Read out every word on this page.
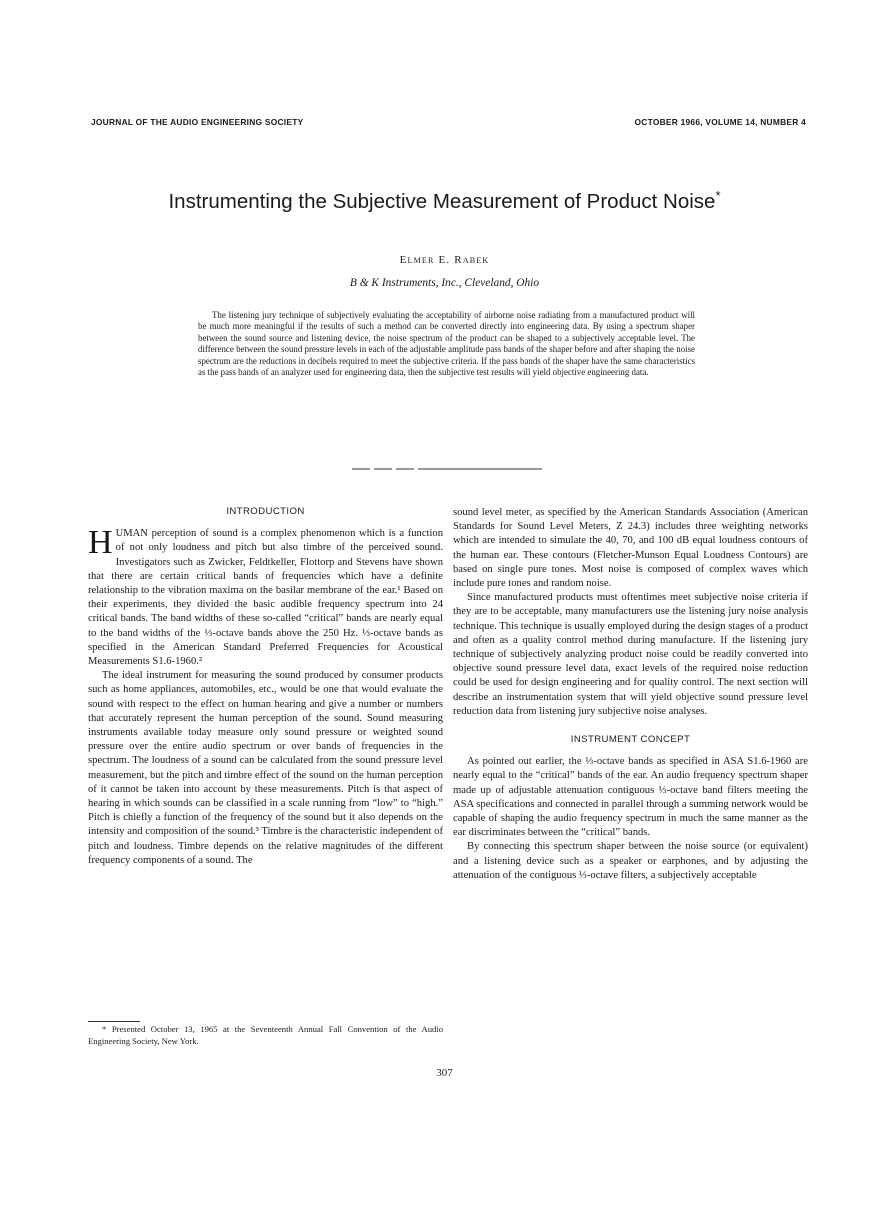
JOURNAL OF THE AUDIO ENGINEERING SOCIETY	OCTOBER 1966, VOLUME 14, NUMBER 4
Instrumenting the Subjective Measurement of Product Noise*
Elmer E. Rabek
B & K Instruments, Inc., Cleveland, Ohio

The listening jury technique of subjectively evaluating the acceptability of airborne noise radiating from a manufactured product will be much more meaningful if the results of such a method can be converted directly into engineering data. By using a spectrum shaper between the sound source and listening device, the noise spectrum of the product can be shaped to a subjectively acceptable level. The difference between the sound pressure levels in each of the adjustable amplitude pass bands of the shaper before and after shaping the noise spectrum are the reductions in decibels required to meet the subjective criteria. If the pass bands of the shaper have the same characteristics as the pass bands of an analyzer used for engineering data, then the subjective test results will yield objective engineering data.

INTRODUCTION

HUMAN perception of sound is a complex phenomenon which is a function of not only loudness and pitch but also timbre of the perceived sound. Investigators such as Zwicker, Feldtkeller, Flottorp and Stevens have shown that there are certain critical bands of frequencies which have a definite relationship to the vibration maxima on the basilar membrane of the ear.¹ Based on their experiments, they divided the basic audible frequency spectrum into 24 critical bands. The band widths of these so-called “critical” bands are nearly equal to the band widths of the ⅓-octave bands above the 250 Hz. ⅓-octave bands as specified in the American Standard Preferred Frequencies for Acoustical Measurements S1.6-1960.²

The ideal instrument for measuring the sound produced by consumer products such as home appliances, automobiles, etc., would be one that would evaluate the sound with respect to the effect on human hearing and give a number or numbers that accurately represent the human perception of the sound. Sound measuring instruments available today measure only sound pressure or weighted sound pressure over the entire audio spectrum or over bands of frequencies in the spectrum. The loudness of a sound can be calculated from the sound pressure level measurement, but the pitch and timbre effect of the sound on the human perception of it cannot be taken into account by these measurements. Pitch is that aspect of hearing in which sounds can be classified in a scale running from “low” to “high.” Pitch is chiefly a function of the frequency of the sound but it also depends on the intensity and composition of the sound.³ Timbre is the characteristic independent of pitch and loudness. Timbre depends on the relative magnitudes of the different frequency components of a sound. The

sound level meter, as specified by the American Standards Association (American Standards for Sound Level Meters, Z 24.3) includes three weighting networks which are intended to simulate the 40, 70, and 100 dB equal loudness contours of the human ear. These contours (Fletcher-Munson Equal Loudness Contours) are based on single pure tones. Most noise is composed of complex waves which include pure tones and random noise.

Since manufactured products must oftentimes meet subjective noise criteria if they are to be acceptable, many manufacturers use the listening jury noise analysis technique. This technique is usually employed during the design stages of a product and often as a quality control method during manufacture. If the listening jury technique of subjectively analyzing product noise could be readily converted into objective sound pressure level data, exact levels of the required noise reduction could be used for design engineering and for quality control. The next section will describe an instrumentation system that will yield objective sound pressure level reduction data from listening jury subjective noise analyses.

INSTRUMENT CONCEPT

As pointed out earlier, the ⅓-octave bands as specified in ASA S1.6-1960 are nearly equal to the “critical” bands of the ear. An audio frequency spectrum shaper made up of adjustable attenuation contiguous ⅓-octave band filters meeting the ASA specifications and connected in parallel through a summing network would be capable of shaping the audio frequency spectrum in much the same manner as the ear discriminates between the “critical” bands.

By connecting this spectrum shaper between the noise source (or equivalent) and a listening device such as a speaker or earphones, and by adjusting the attenuation of the contiguous ⅓-octave filters, a subjectively acceptable

* Presented October 13, 1965 at the Seventeenth Annual Fall Convention of the Audio Engineering Society, New York.
307
